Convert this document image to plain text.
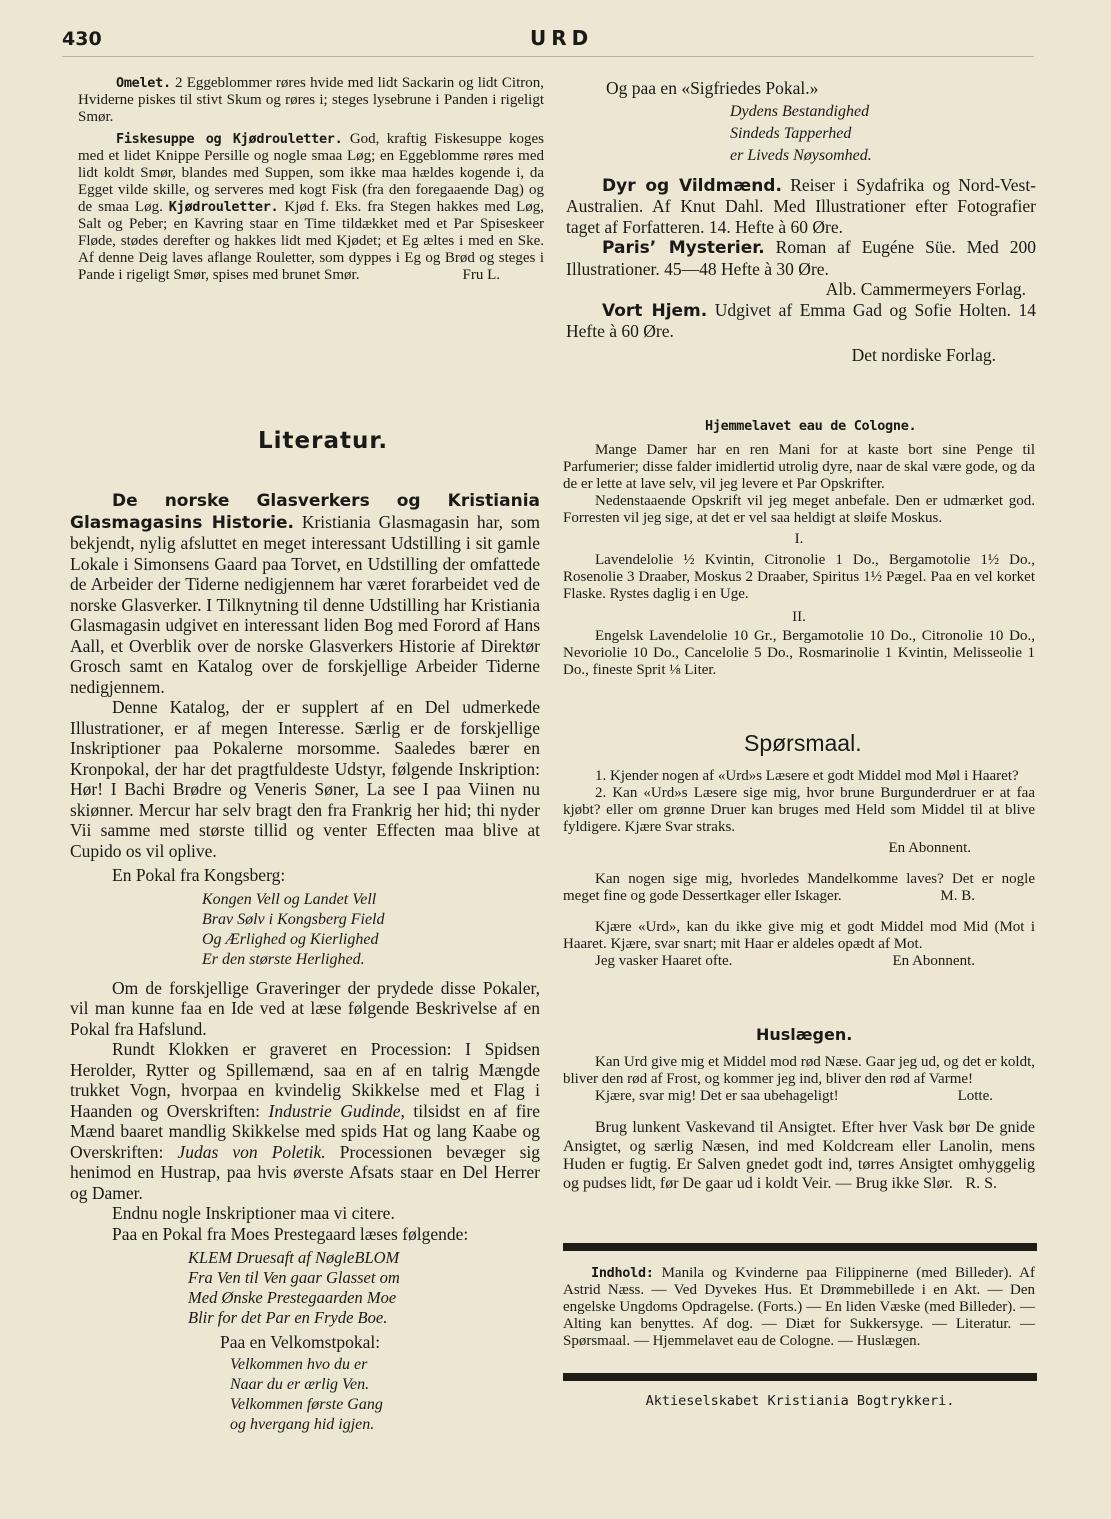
430	URD

Omelet. 2 Eggeblommer røres hvide med lidt Sackarin og lidt Citron, Hviderne piskes til stivt Skum og røres i; steges lysebrune i Panden i rigeligt Smør.

Fiskesuppe og Kjødrouletter. God, kraftig Fiskesuppe koges med et lidet Knippe Persille og nogle smaa Løg; en Eggeblomme røres med lidt koldt Smør, blandes med Suppen, som ikke maa hældes kogende i, da Egget vilde skille, og serveres med kogt Fisk (fra den foregaaende Dag) og de smaa Løg. Kjødrouletter. Kjød f. Eks. fra Stegen hakkes med Løg, Salt og Peber; en Kavring staar en Time tildækket med et Par Spiseskeer Fløde, stødes derefter og hakkes lidt med Kjødet; et Eg æltes i med en Ske. Af denne Deig laves aflange Rouletter, som dyppes i Eg og Brød og steges i Pande i rigeligt Smør, spises med brunet Smør.	Fru L.

Og paa en «Sigfriedes Pokal.»

Dydens Bestandighed

Sindeds Tapperhed

er Liveds Nøysomhed.

Dyr og Vildmænd. Reiser i Sydafrika og Nord-Vest-Australien. Af Knut Dahl. Med Illustrationer efter Fotografier taget af Forfatteren. 14. Hefte à 60 Øre.

Paris’ Mysterier. Roman af Eugéne Süe. Med 200 Illustrationer. 45—48 Hefte à 30 Øre.

Alb. Cammermeyers Forlag.

Vort Hjem. Udgivet af Emma Gad og Sofie Holten. 14 Hefte à 60 Øre.

Det nordiske Forlag.

Literatur.

De norske Glasverkers og Kristiania Glasmagasins Historie. Kristiania Glasmagasin har, som bekjendt, nylig afsluttet en meget interessant Udstilling i sit gamle Lokale i Simonsens Gaard paa Torvet, en Udstilling der omfattede de Arbeider der Tiderne nedigjennem har været forarbeidet ved de norske Glasverker. I Tilknytning til denne Udstilling har Kristiania Glasmagasin udgivet en interessant liden Bog med Forord af Hans Aall, et Overblik over de norske Glasverkers Historie af Direktør Grosch samt en Katalog over de forskjellige Arbeider Tiderne nedigjennem.

Denne Katalog, der er supplert af en Del udmerkede Illustrationer, er af megen Interesse. Særlig er de forskjellige Inskriptioner paa Pokalerne morsomme. Saaledes bærer en Kronpokal, der har det pragtfuldeste Udstyr, følgende Inskription: Hør! I Bachi Brødre og Veneris Søner, La see I paa Viinen nu skiønner. Mercur har selv bragt den fra Frankrig her hid; thi nyder Vii samme med største tillid og venter Effecten maa blive at Cupido os vil oplive.

En Pokal fra Kongsberg:

Kongen Vell og Landet Vell

Brav Sølv i Kongsberg Field

Og Ærlighed og Kierlighed

Er den største Herlighed.

Om de forskjellige Graveringer der prydede disse Pokaler, vil man kunne faa en Ide ved at læse følgende Beskrivelse af en Pokal fra Hafslund.

Rundt Klokken er graveret en Procession: I Spidsen Herolder, Rytter og Spillemænd, saa en af en talrig Mængde trukket Vogn, hvorpaa en kvindelig Skikkelse med et Flag i Haanden og Overskriften: Industrie Gudinde, tilsidst en af fire Mænd baaret mandlig Skikkelse med spids Hat og lang Kaabe og Overskriften: Judas von Poletik. Processionen bevæger sig henimod en Hustrap, paa hvis øverste Afsats staar en Del Herrer og Damer.

Endnu nogle Inskriptioner maa vi citere.

Paa en Pokal fra Moes Prestegaard læses følgende:

KLEM Druesaft af NøgleBLOM

Fra Ven til Ven gaar Glasset om

Med Ønske Prestegaarden Moe

Blir for det Par en Fryde Boe.

Paa en Velkomstpokal:

Velkommen hvo du er

Naar du er ærlig Ven.

Velkommen første Gang

og hvergang hid igjen.

Hjemmelavet eau de Cologne.

Mange Damer har en ren Mani for at kaste bort sine Penge til Parfumerier; disse falder imidlertid utrolig dyre, naar de skal være gode, og da de er lette at lave selv, vil jeg levere et Par Opskrifter.

Nedenstaaende Opskrift vil jeg meget anbefale. Den er udmærket god. Forresten vil jeg sige, at det er vel saa heldigt at sløife Moskus.

I.

Lavendelolie ½ Kvintin, Citronolie 1 Do., Bergamotolie 1½ Do., Rosenolie 3 Draaber, Moskus 2 Draaber, Spiritus 1½ Pægel. Paa en vel korket Flaske. Rystes daglig i en Uge.

II.

Engelsk Lavendelolie 10 Gr., Bergamotolie 10 Do., Citronolie 10 Do., Nevoriolie 10 Do., Cancelolie 5 Do., Rosmarinolie 1 Kvintin, Melisseolie 1 Do., fineste Sprit ⅛ Liter.

Spørsmaal.

1. Kjender nogen af «Urd»s Læsere et godt Middel mod Møl i Haaret?

2. Kan «Urd»s Læsere sige mig, hvor brune Burgunderdruer er at faa kjøbt? eller om grønne Druer kan bruges med Held som Middel til at blive fyldigere. Kjære Svar straks.

En Abonnent.

Kan nogen sige mig, hvorledes Mandelkomme laves? Det er nogle meget fine og gode Dessertkager eller Iskager.	M. B.

Kjære «Urd», kan du ikke give mig et godt Middel mod Mid (Mot i Haaret. Kjære, svar snart; mit Haar er aldeles opædt af Mot.

Jeg vasker Haaret ofte.	En Abonnent.

Huslægen.

Kan Urd give mig et Middel mod rød Næse. Gaar jeg ud, og det er koldt, bliver den rød af Frost, og kommer jeg ind, bliver den rød af Varme!

Kjære, svar mig! Det er saa ubehageligt!	Lotte.

Brug lunkent Vaskevand til Ansigtet. Efter hver Vask bør De gnide Ansigtet, og særlig Næsen, ind med Koldcream eller Lanolin, mens Huden er fugtig. Er Salven gnedet godt ind, tørres Ansigtet omhyggelig og pudses lidt, før De gaar ud i koldt Veir. — Brug ikke Slør. R. S.

Indhold: Manila og Kvinderne paa Filippinerne (med Billeder). Af Astrid Næss. — Ved Dyvekes Hus. Et Drømmebillede i en Akt. — Den engelske Ungdoms Opdragelse. (Forts.) — En liden Væske (med Billeder). — Alting kan benyttes. Af dog. — Diæt for Sukkersyge. — Literatur. — Spørsmaal. — Hjemmelavet eau de Cologne. — Huslægen.

Aktieselskabet Kristiania Bogtrykkeri.
